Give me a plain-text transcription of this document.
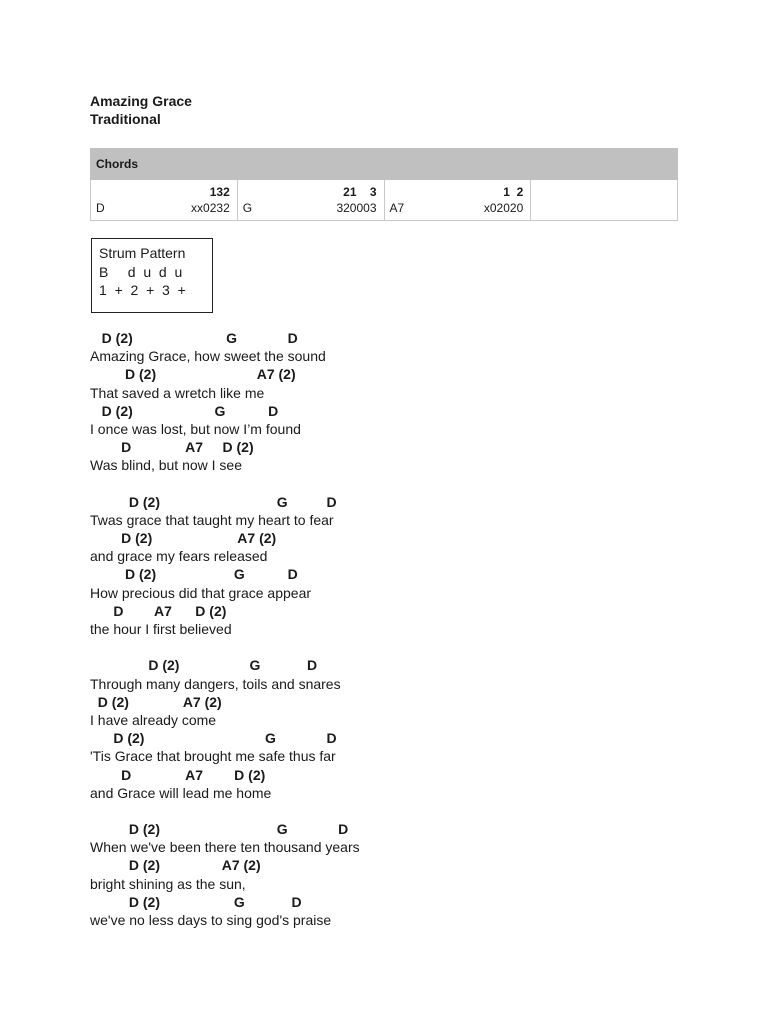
Amazing Grace
Traditional
Chords

132
D	xx0232

21    3
G	320003

1  2
A7	x02020

Strum Pattern
B     d  u  d  u
1  +  2  +  3  +
D (2)                        G             D
Amazing Grace, how sweet the sound
D (2)                          A7 (2)
That saved a wretch like me
D (2)                     G           D
I once was lost, but now I’m found
D              A7     D (2)
Was blind, but now I see
D (2)                              G          D
Twas grace that taught my heart to fear
D (2)                      A7 (2)
and grace my fears released
D (2)                    G           D
How precious did that grace appear
D        A7      D (2)
the hour I first believed
D (2)                  G            D
Through many dangers, toils and snares
D (2)              A7 (2)
I have already come
D (2)                               G             D
'Tis Grace that brought me safe thus far
D              A7        D (2)
and Grace will lead me home
D (2)                              G             D
When we've been there ten thousand years
D (2)                A7 (2)
bright shining as the sun,
D (2)                   G            D
we've no less days to sing god's praise
